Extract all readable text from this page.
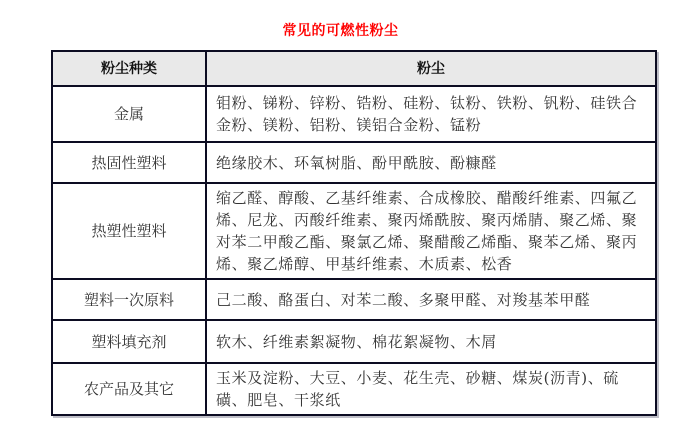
常见的可燃性粉尘
粉尘种类	粉尘
金属	钼粉、锑粉、锌粉、锆粉、硅粉、钛粉、铁粉、钒粉、硅铁合金粉、镁粉、铝粉、镁铝合金粉、锰粉
热固性塑料	绝缘胶木、环氧树脂、酚甲酰胺、酚糠醛
热塑性塑料	缩乙醛、醇酸、乙基纤维素、合成橡胶、醋酸纤维素、四氟乙烯、尼龙、丙酸纤维素、聚丙烯酰胺、聚丙烯腈、聚乙烯、聚对苯二甲酸乙酯、聚氯乙烯、聚醋酸乙烯酯、聚苯乙烯、聚丙烯、聚乙烯醇、甲基纤维素、木质素、松香
塑料一次原料	己二酸、酪蛋白、对苯二酸、多聚甲醛、对羧基苯甲醛
塑料填充剂	软木、纤维素絮凝物、棉花絮凝物、木屑
农产品及其它	玉米及淀粉、大豆、小麦、花生壳、砂糖、煤炭(沥青)、硫磺、肥皂、干浆纸
